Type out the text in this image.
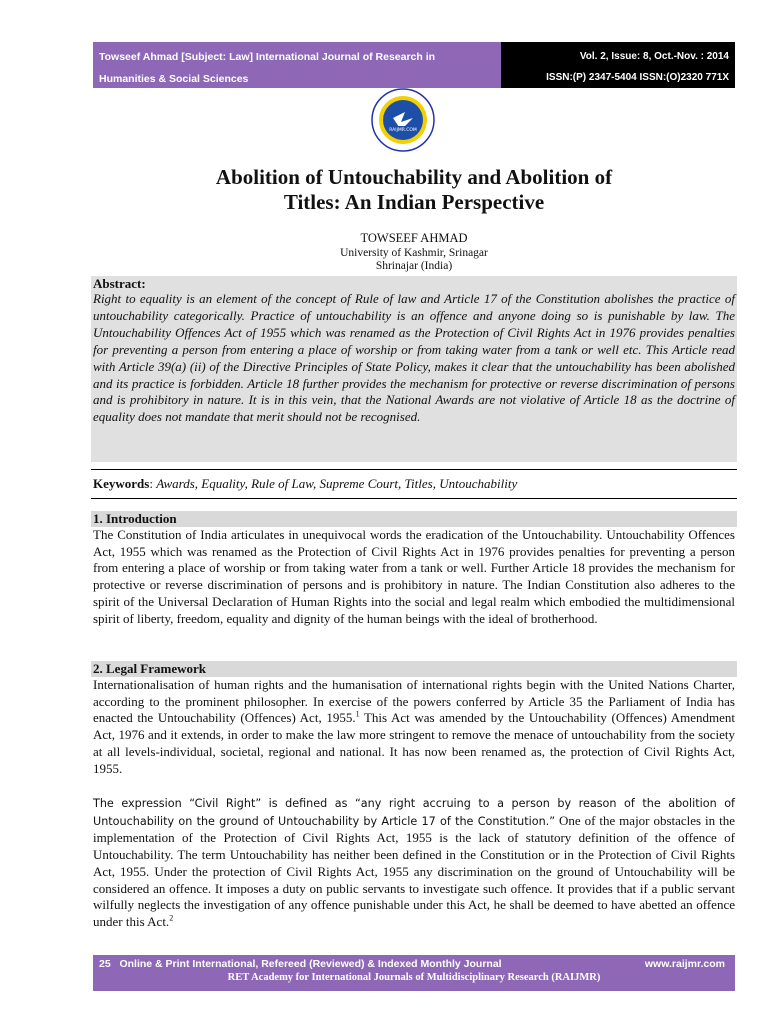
Towseef Ahmad [Subject: Law] International Journal of Research in
Humanities & Social Sciences
Vol. 2, Issue: 8, Oct.-Nov. : 2014
ISSN:(P) 2347-5404 ISSN:(O)2320 771X
RAIJMR.COM
Abolition of Untouchability and Abolition of
Titles: An Indian Perspective
TOWSEEF AHMAD
University of Kashmir, Srinagar
Shrinajar (India)
Abstract:

Right to equality is an element of the concept of Rule of law and Article 17 of the Constitution abolishes the practice of untouchability categorically. Practice of untouchability is an offence and anyone doing so is punishable by law. The Untouchability Offences Act of 1955 which was renamed as the Protection of Civil Rights Act in 1976 provides penalties for preventing a person from entering a place of worship or from taking water from a tank or well etc. This Article read with Article 39(a) (ii) of the Directive Principles of State Policy, makes it clear that the untouchability has been abolished and its practice is forbidden. Article 18 further provides the mechanism for protective or reverse discrimination of persons and is prohibitory in nature. It is in this vein, that the National Awards are not violative of Article 18 as the doctrine of equality does not mandate that merit should not be recognised.

Keywords: Awards, Equality, Rule of Law, Supreme Court, Titles, Untouchability
1. Introduction

The Constitution of India articulates in unequivocal words the eradication of the Untouchability. Untouchability Offences Act, 1955 which was renamed as the Protection of Civil Rights Act in 1976 provides penalties for preventing a person from entering a place of worship or from taking water from a tank or well. Further Article 18 provides the mechanism for protective or reverse discrimination of persons and is prohibitory in nature. The Indian Constitution also adheres to the spirit of the Universal Declaration of Human Rights into the social and legal realm which embodied the multidimensional spirit of liberty, freedom, equality and dignity of the human beings with the ideal of brotherhood.

2. Legal Framework

Internationalisation of human rights and the humanisation of international rights begin with the United Nations Charter, according to the prominent philosopher. In exercise of the powers conferred by Article 35 the Parliament of India has enacted the Untouchability (Offences) Act, 1955.$^1$ This Act was amended by the Untouchability (Offences) Amendment Act, 1976 and it extends, in order to make the law more stringent to remove the menace of untouchability from the society at all levels-individual, societal, regional and national. It has now been renamed as, the protection of Civil Rights Act, 1955.

The expression “Civil Right” is defined as “any right accruing to a person by reason of the abolition of Untouchability on the ground of Untouchability by Article 17 of the Constitution.” One of the major obstacles in the implementation of the Protection of Civil Rights Act, 1955 is the lack of statutory definition of the offence of Untouchability. The term Untouchability has neither been defined in the Constitution or in the Protection of Civil Rights Act, 1955. Under the protection of Civil Rights Act, 1955 any discrimination on the ground of Untouchability will be considered an offence. It imposes a duty on public servants to investigate such offence. It provides that if a public servant wilfully neglects the investigation of any offence punishable under this Act, he shall be deemed to have abetted an offence under this Act.$^2$

25 Online & Print International, Refereed (Reviewed) & Indexed Monthly Journal	www.raijmr.com
RET Academy for International Journals of Multidisciplinary Research (RAIJMR)
